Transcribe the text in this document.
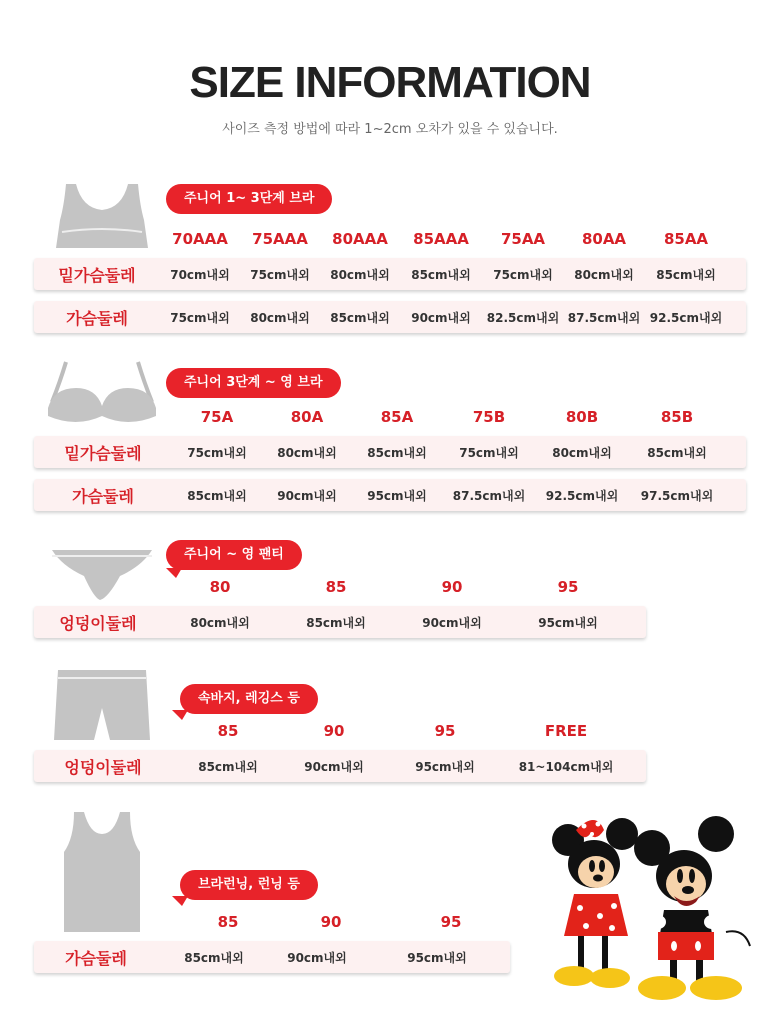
SIZE INFORMATION
사이즈 측정 방법에 따라 1~2cm 오차가 있을 수 있습니다.
주니어 1~ 3단계 브라
70AAA	75AAA	80AAA	85AAA	75AA	80AA	85AA
밑가슴둘레	70cm내외	75cm내외	80cm내외	85cm내외	75cm내외	80cm내외	85cm내외
가슴둘레	75cm내외	80cm내외	85cm내외	90cm내외	82.5cm내외 87.5cm내외 92.5cm내외
주니어 3단계 ~ 영 브라
75A	80A	85A	75B	80B	85B
밑가슴둘레	75cm내외	80cm내외	85cm내외	75cm내외	80cm내외	85cm내외
가슴둘레	85cm내외	90cm내외	95cm내외	87.5cm내외	92.5cm내외	97.5cm내외
주니어 ~ 영 팬티
80	85	90	95
엉덩이둘레	80cm내외	85cm내외	90cm내외	95cm내외
속바지, 레깅스 등
85	90	95	FREE
엉덩이둘레	85cm내외	90cm내외	95cm내외	81~104cm내외
브라런닝, 런닝 등
85	90	95
가슴둘레	85cm내외	90cm내외	95cm내외
